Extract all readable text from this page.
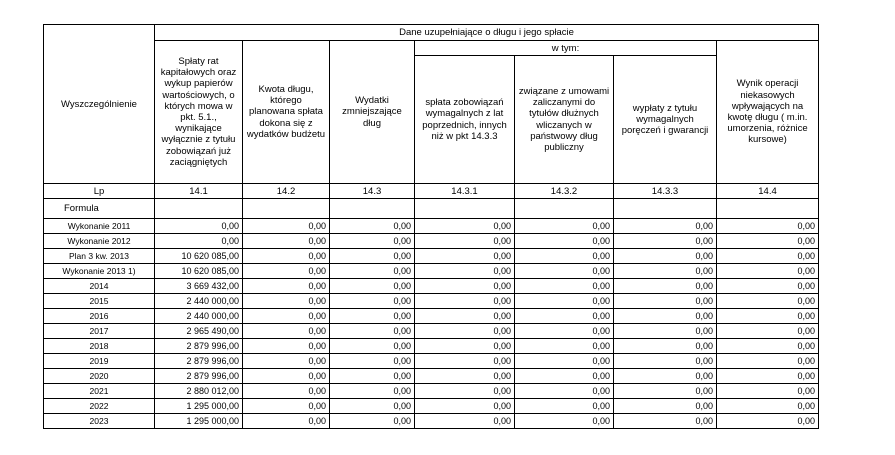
Wyszczególnienie	Dane uzupełniające o długu i jego spłacie						
	Spłaty rat kapitałowych oraz wykup papierów wartościowych, o których mowa w pkt. 5.1., wynikające wyłącznie z tytułu zobowiązań już zaciągniętych	Kwota długu, którego planowana spłata dokona się z wydatków budżetu	Wydatki zmniejszające dług	w tym:			Wynik operacji niekasowych wpływających na kwotę długu ( m.in. umorzenia, różnice kursowe)
				spłata zobowiązań wymagalnych z lat poprzednich, innych niż w pkt 14.3.3	związane z umowami zaliczanymi do tytułów dłużnych wliczanych w państwowy dług publiczny	wypłaty z tytułu wymagalnych poręczeń i gwarancji	
Lp	14.1	14.2	14.3	14.3.1	14.3.2	14.3.3	14.4
Formula							
Wykonanie 2011	0,00	0,00	0,00	0,00	0,00	0,00	0,00
Wykonanie 2012	0,00	0,00	0,00	0,00	0,00	0,00	0,00
Plan 3 kw. 2013	10 620 085,00	0,00	0,00	0,00	0,00	0,00	0,00
Wykonanie 2013 1)	10 620 085,00	0,00	0,00	0,00	0,00	0,00	0,00
2014	3 669 432,00	0,00	0,00	0,00	0,00	0,00	0,00
2015	2 440 000,00	0,00	0,00	0,00	0,00	0,00	0,00
2016	2 440 000,00	0,00	0,00	0,00	0,00	0,00	0,00
2017	2 965 490,00	0,00	0,00	0,00	0,00	0,00	0,00
2018	2 879 996,00	0,00	0,00	0,00	0,00	0,00	0,00
2019	2 879 996,00	0,00	0,00	0,00	0,00	0,00	0,00
2020	2 879 996,00	0,00	0,00	0,00	0,00	0,00	0,00
2021	2 880 012,00	0,00	0,00	0,00	0,00	0,00	0,00
2022	1 295 000,00	0,00	0,00	0,00	0,00	0,00	0,00
2023	1 295 000,00	0,00	0,00	0,00	0,00	0,00	0,00
